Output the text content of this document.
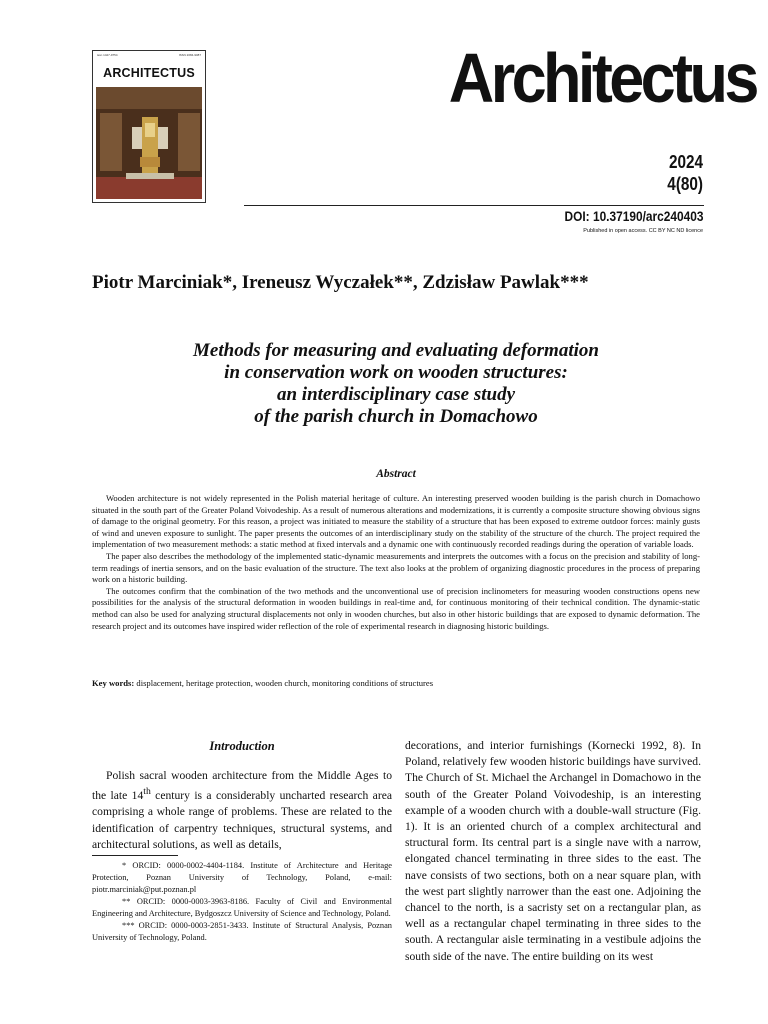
issn 1427-9754	ISSN 2084-9087
ARCHITECTUS	Architectus
2024
4(80)
DOI: 10.37190/arc240403
Published in open access. CC BY NC ND licence
Piotr Marciniak*, Ireneusz Wyczałek**, Zdzisław Pawlak***
Methods for measuring and evaluating deformation
in conservation work on wooden structures:
an interdisciplinary case study
of the parish church in Domachowo
Abstract

Wooden architecture is not widely represented in the Polish material heritage of culture. An interesting preserved wooden building is the parish church in Domachowo situated in the south part of the Greater Poland Voivodeship. As a result of numerous alterations and modernizations, it is currently a composite structure showing obvious signs of damage to the original geometry. For this reason, a project was initiated to measure the stability of a structure that has been exposed to extreme outdoor forces: mainly gusts of wind and uneven exposure to sunlight. The paper presents the outcomes of an interdisciplinary study on the stability of the structure of the church. The project required the implementation of two measurement methods: a static method at fixed intervals and a dynamic one with continuously recorded readings during the operation of variable loads.

The paper also describes the methodology of the implemented static-dynamic measurements and interprets the outcomes with a focus on the precision and stability of long-term readings of inertia sensors, and on the basic evaluation of the structure. The text also looks at the problem of organizing diagnostic procedures in the process of preparing work on a historic building.

The outcomes confirm that the combination of the two methods and the unconventional use of precision inclinometers for measuring wooden constructions opens new possibilities for the analysis of the structural deformation in wooden buildings in real-time and, for continuous monitoring of their technical condition. The dynamic-static method can also be used for analyzing structural displacements not only in wooden churches, but also in other historic buildings that are exposed to dynamic deformation. The research project and its outcomes have inspired wider reflection of the role of experimental research in diagnosing historic buildings.

Key words: displacement, heritage protection, wooden church, monitoring conditions of structures
Introduction

Polish sacral wooden architecture from the Middle Ages to the late 14th century is a considerably uncharted research area comprising a whole range of problems. These are related to the identification of carpentry techniques, structural systems, and architectural solutions, as well as details,

decorations, and interior furnishings (Kornecki 1992, 8). In Poland, relatively few wooden historic buildings have survived. The Church of St. Michael the Archangel in Domachowo in the south of the Greater Poland Voivodeship, is an interesting example of a wooden church with a double-wall structure (Fig. 1). It is an oriented church of a complex architectural and structural form. Its central part is a single nave with a narrow, elongated chancel terminating in three sides to the east. The nave consists of two sections, both on a near square plan, with the west part slightly narrower than the east one. Adjoining the chancel to the north, is a sacristy set on a rectangular plan, as well as a rectangular chapel terminating in three sides to the south. A rectangular aisle terminating in a vestibule adjoins the south side of the nave. The entire building on its west

* ORCID: 0000-0002-4404-1184. Institute of Architecture and Heritage Protection, Poznan University of Technology, Poland, e-mail: piotr.marciniak@put.poznan.pl

** ORCID: 0000-0003-3963-8186. Faculty of Civil and Environmental Engineering and Architecture, Bydgoszcz University of Science and Technology, Poland.

*** ORCID: 0000-0003-2851-3433. Institute of Structural Analysis, Poznan University of Technology, Poland.
